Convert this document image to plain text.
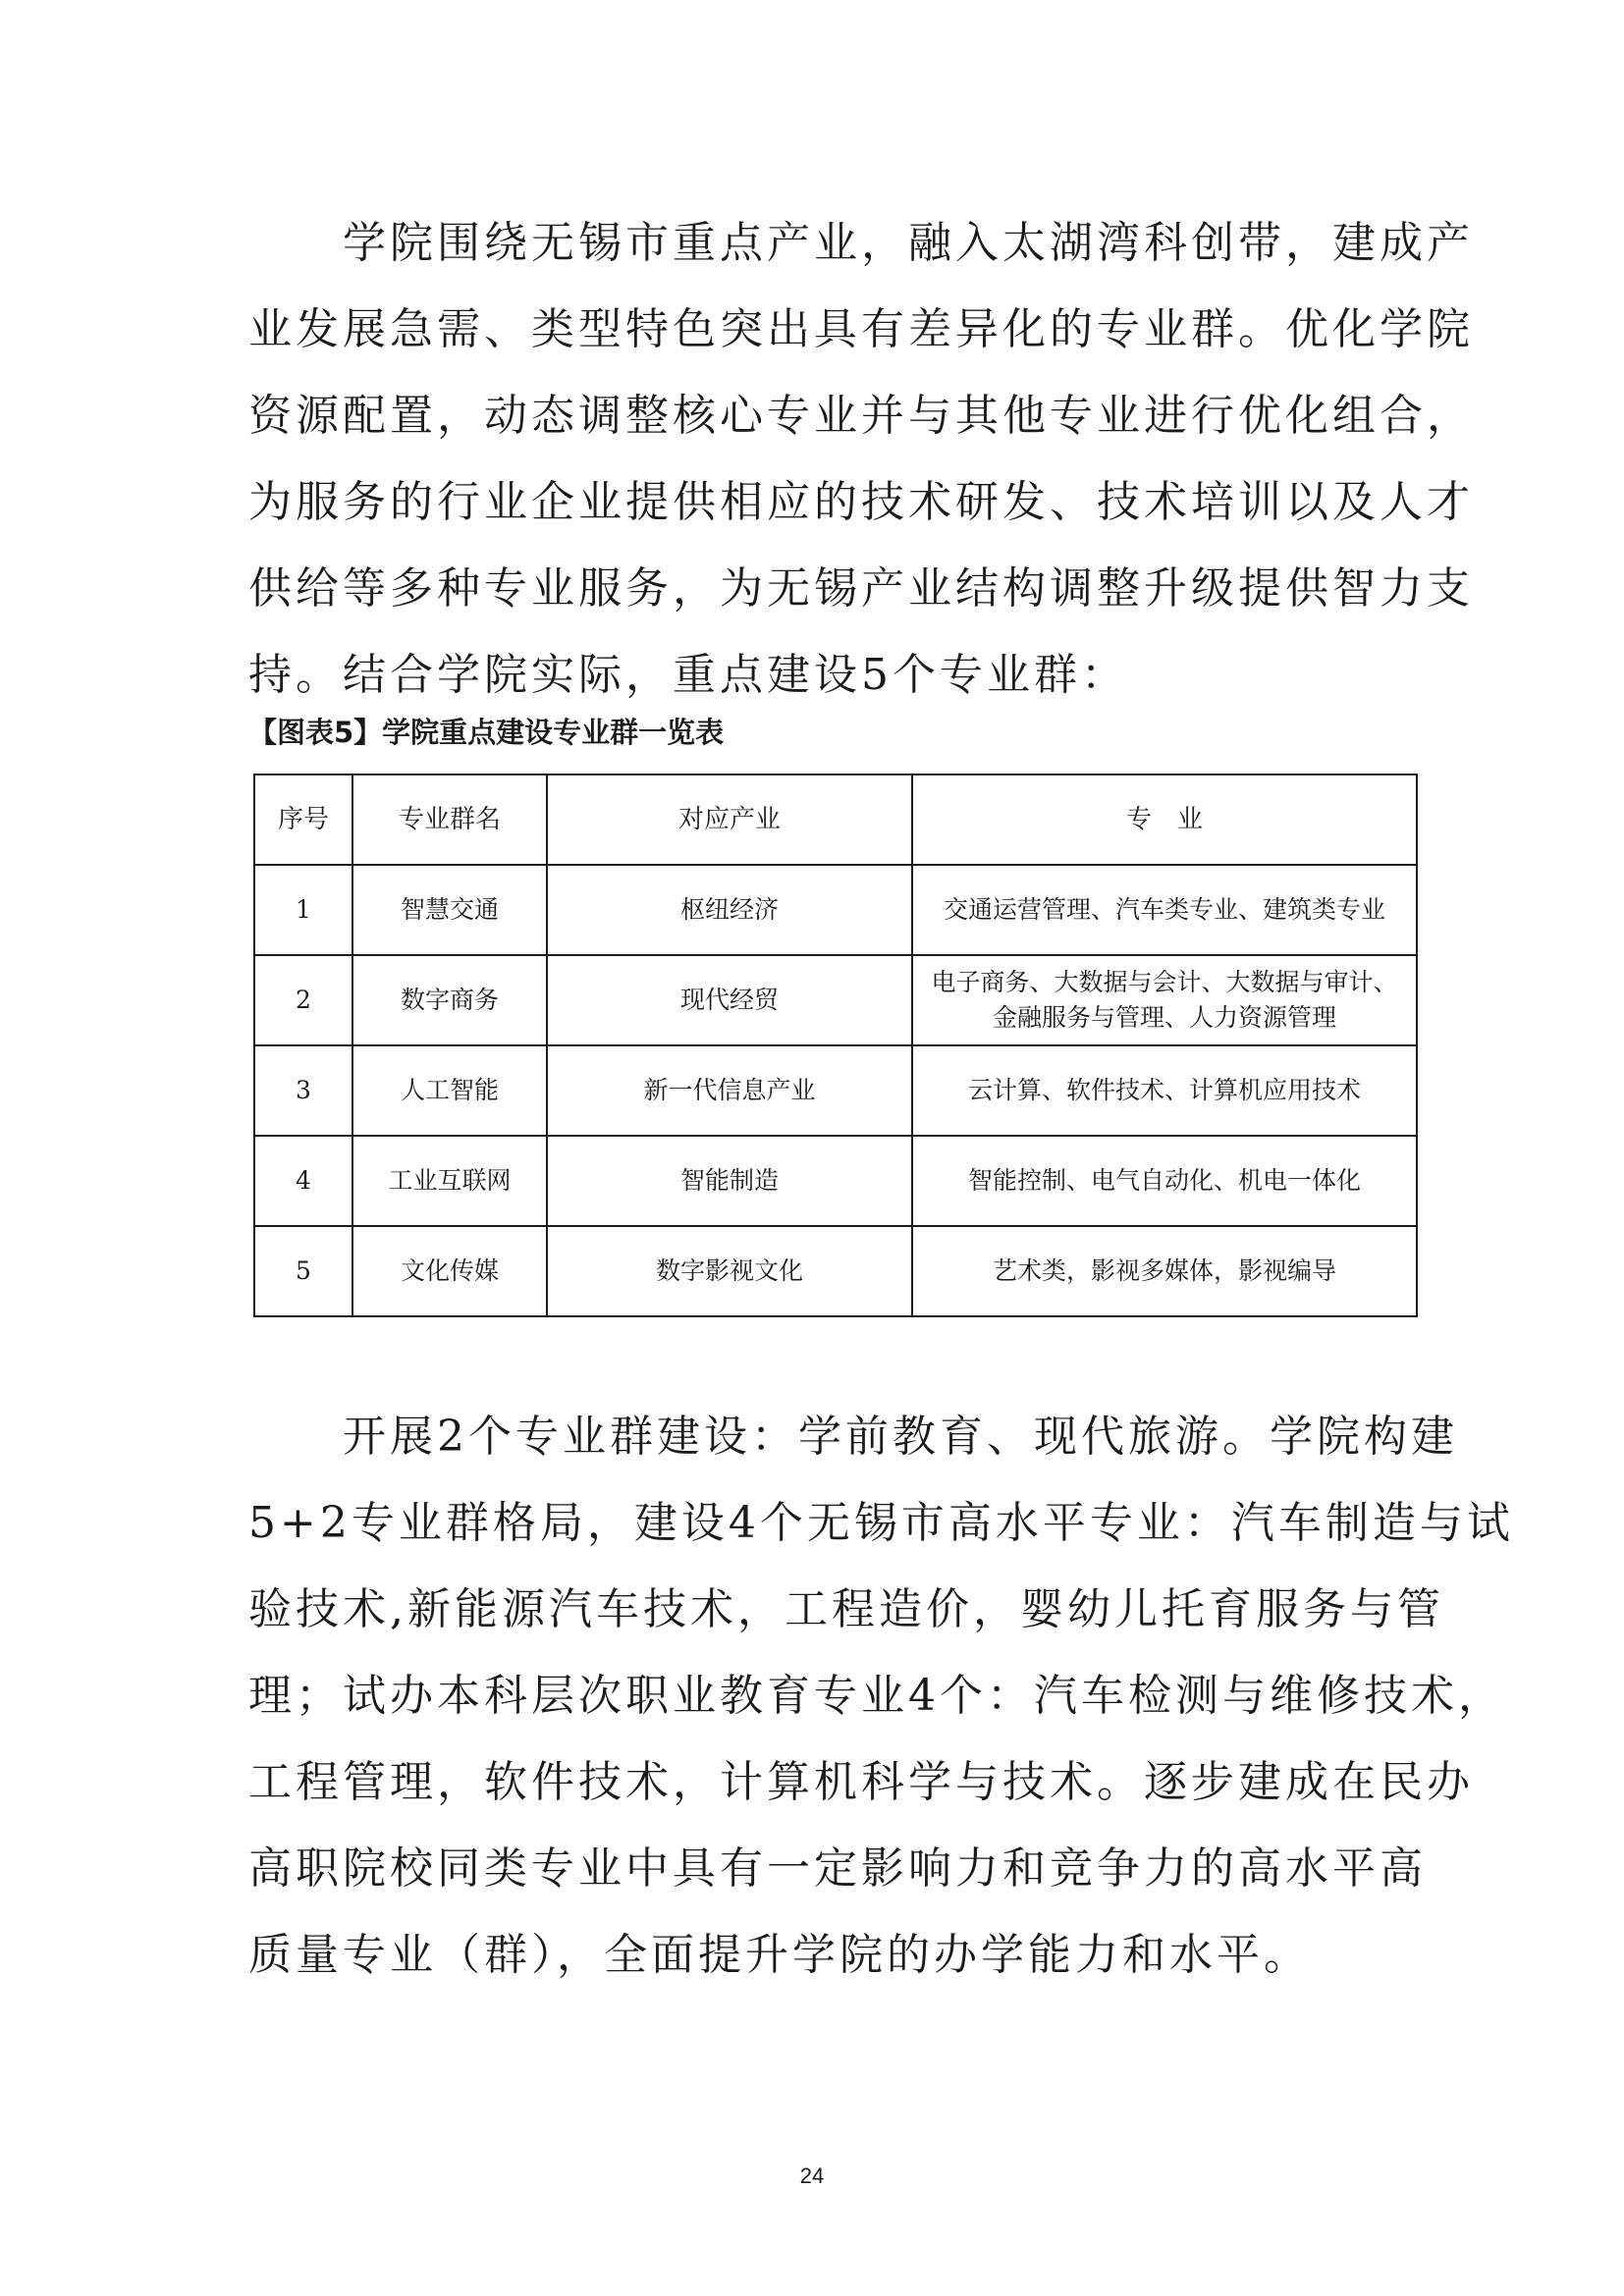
　　学院围绕无锡市重点产业，融入太湖湾科创带，建成产
业发展急需、类型特色突出具有差异化的专业群。优化学院
资源配置，动态调整核心专业并与其他专业进行优化组合，
为服务的行业企业提供相应的技术研发、技术培训以及人才
供给等多种专业服务，为无锡产业结构调整升级提供智力支
持。结合学院实际，重点建设5个专业群：

【图表5】学院重点建设专业群一览表

序号	专业群名	对应产业	专　业
1	智慧交通	枢纽经济	交通运营管理、汽车类专业、建筑类专业

2	数字商务	现代经贸	电子商务、大数据与会计、大数据与审计、
金融服务与管理、人力资源管理

3	人工智能	新一代信息产业	云计算、软件技术、计算机应用技术

4	工业互联网	智能制造	智能控制、电气自动化、机电一体化

5	文化传媒	数字影视文化	艺术类，影视多媒体，影视编导
　　开展2个专业群建设：学前教育、现代旅游。学院构建
5+2专业群格局，建设4个无锡市高水平专业：汽车制造与试
验技术,新能源汽车技术，工程造价，婴幼儿托育服务与管
理；试办本科层次职业教育专业4个：汽车检测与维修技术，
工程管理，软件技术，计算机科学与技术。逐步建成在民办
高职院校同类专业中具有一定影响力和竞争力的高水平高
质量专业（群），全面提升学院的办学能力和水平。
24
